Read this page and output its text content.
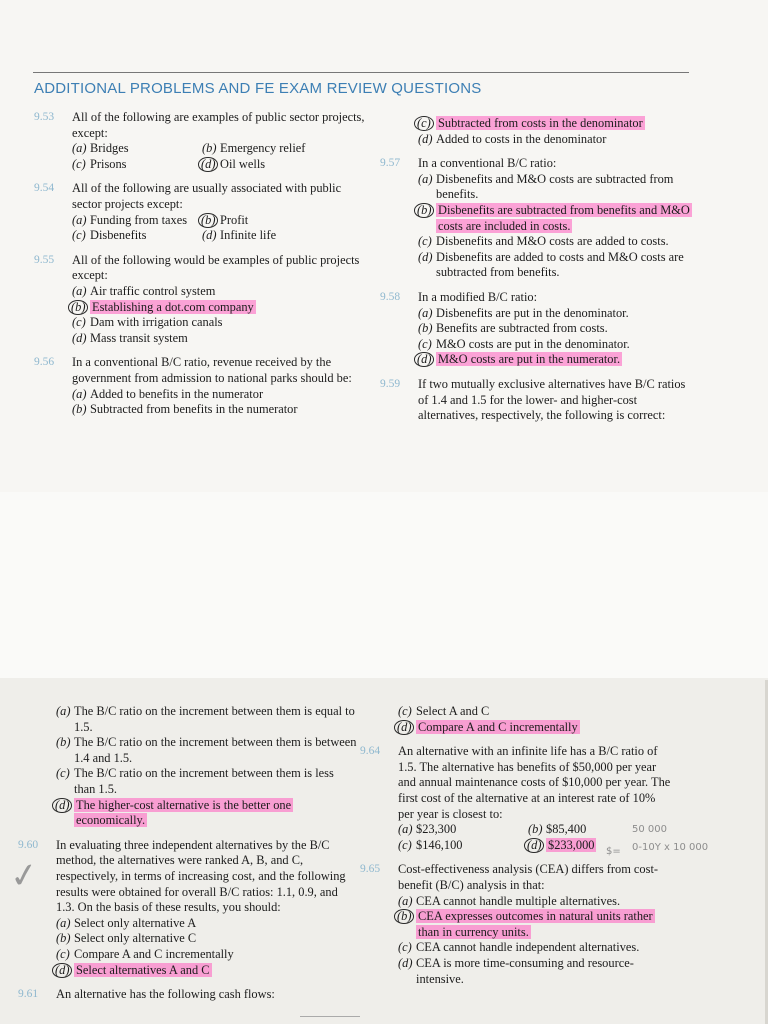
ADDITIONAL PROBLEMS AND FE EXAM REVIEW QUESTIONS
9.53 All of the following are examples of public sector projects, except:
(a) Bridges	(b) Emergency relief
(c) Prisons	(d) Oil wells
9.54 All of the following are usually associated with public sector projects except:
(a) Funding from taxes	(b) Profit
(c) Disbenefits	(d) Infinite life
9.55 All of the following would be examples of public projects except:
(a) Air traffic control system
(b) Establishing a dot.com company
(c) Dam with irrigation canals
(d) Mass transit system
9.56 In a conventional B/C ratio, revenue received by the government from admission to national parks should be:
(a) Added to benefits in the numerator
(b) Subtracted from benefits in the numerator
(c) Subtracted from costs in the denominator
(d) Added to costs in the denominator
9.57 In a conventional B/C ratio:
(a) Disbenefits and M&O costs are subtracted from benefits.
(b) Disbenefits are subtracted from benefits and M&O costs are included in costs.
(c) Disbenefits and M&O costs are added to costs.
(d) Disbenefits are added to costs and M&O costs are subtracted from benefits.
9.58 In a modified B/C ratio:
(a) Disbenefits are put in the denominator.
(b) Benefits are subtracted from costs.
(c) M&O costs are put in the denominator.
(d) M&O costs are put in the numerator.
9.59 If two mutually exclusive alternatives have B/C ratios of 1.4 and 1.5 for the lower- and higher-cost alternatives, respectively, the following is correct:
(a) The B/C ratio on the increment between them is equal to 1.5.
(b) The B/C ratio on the increment between them is between 1.4 and 1.5.
(c) The B/C ratio on the increment between them is less than 1.5.
(d) The higher-cost alternative is the better one economically.
9.60 In evaluating three independent alternatives by the B/C method, the alternatives were ranked A, B, and C, respectively, in terms of increasing cost, and the following results were obtained for overall B/C ratios: 1.1, 0.9, and 1.3. On the basis of these results, you should:
(a) Select only alternative A
(b) Select only alternative C
(c) Compare A and C incrementally
(d) Select alternatives A and C
9.61 An alternative has the following cash flows:
(c) Select A and C
(d) Compare A and C incrementally
9.64 An alternative with an infinite life has a B/C ratio of 1.5. The alternative has benefits of $50,000 per year and annual maintenance costs of $10,000 per year. The first cost of the alternative at an interest rate of 10% per year is closest to:
(a) $23,300	(b) $85,400
(c) $146,100	(d) $233,000
9.65 Cost-effectiveness analysis (CEA) differs from cost-benefit (B/C) analysis in that:
(a) CEA cannot handle multiple alternatives.
(b) CEA expresses outcomes in natural units rather than in currency units.
(c) CEA cannot handle independent alternatives.
(d) CEA is more time-consuming and resource-intensive.
50 000
$= 0-10Y x 10 000
✓
